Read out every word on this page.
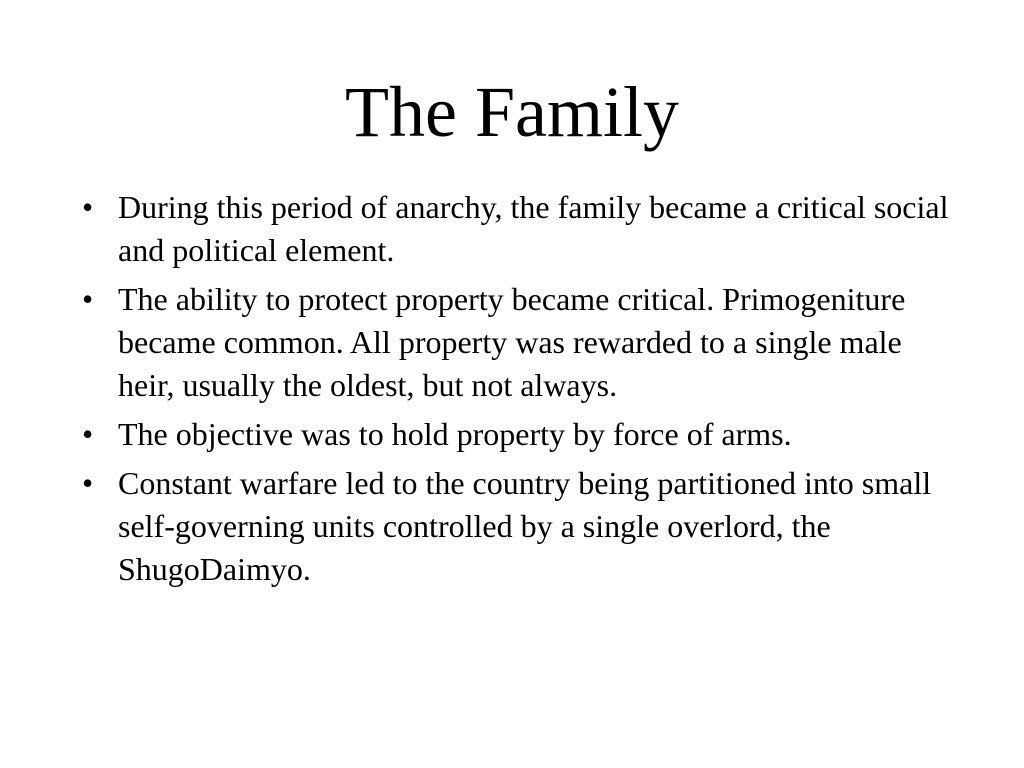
The Family
• During this period of anarchy, the family became a critical social and political element.
• The ability to protect property became critical. Primogeniture became common. All property was rewarded to a single male heir, usually the oldest, but not always.
• The objective was to hold property by force of arms.
• Constant warfare led to the country being partitioned into small self-governing units controlled by a single overlord, the ShugoDaimyo.
